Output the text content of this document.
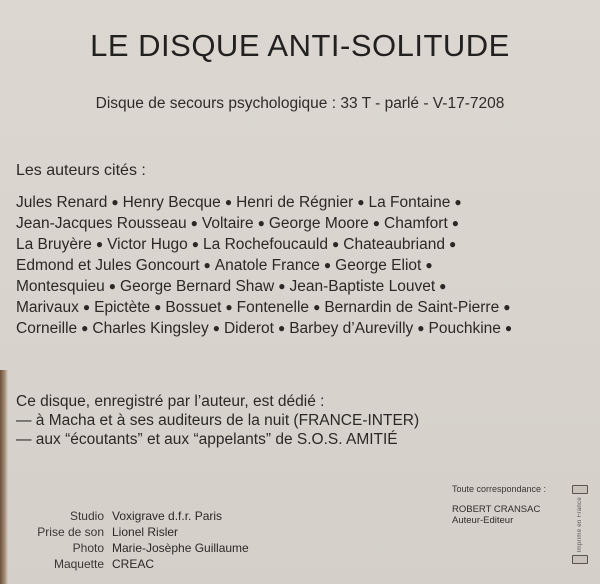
LE DISQUE ANTI-SOLITUDE
Disque de secours psychologique : 33 T - parlé - V-17-7208
Les auteurs cités :
Jules Renard ● Henry Becque ● Henri de Régnier ● La Fontaine ●
Jean-Jacques Rousseau ● Voltaire ● George Moore ● Chamfort ●
La Bruyère ● Victor Hugo ● La Rochefoucauld ● Chateaubriand ●
Edmond et Jules Goncourt ● Anatole France ● George Eliot ●
Montesquieu ● George Bernard Shaw ● Jean-Baptiste Louvet ●
Marivaux ● Epictète ● Bossuet ● Fontenelle ● Bernardin de Saint-Pierre ●
Corneille ● Charles Kingsley ● Diderot ● Barbey d’Aurevilly ● Pouchkine ●
Ce disque, enregistré par l’auteur, est dédié :
— à Macha et à ses auditeurs de la nuit (FRANCE-INTER)
— aux “écoutants” et aux “appelants” de S.O.S. AMITIÉ
Studio Voxigrave d.f.r. Paris
Prise de son Lionel Risler
Photo Marie-Josèphe Guillaume
Maquette CREAC
Toute correspondance :
ROBERT CRANSAC
Auteur-Editeur	Imprimé en France
